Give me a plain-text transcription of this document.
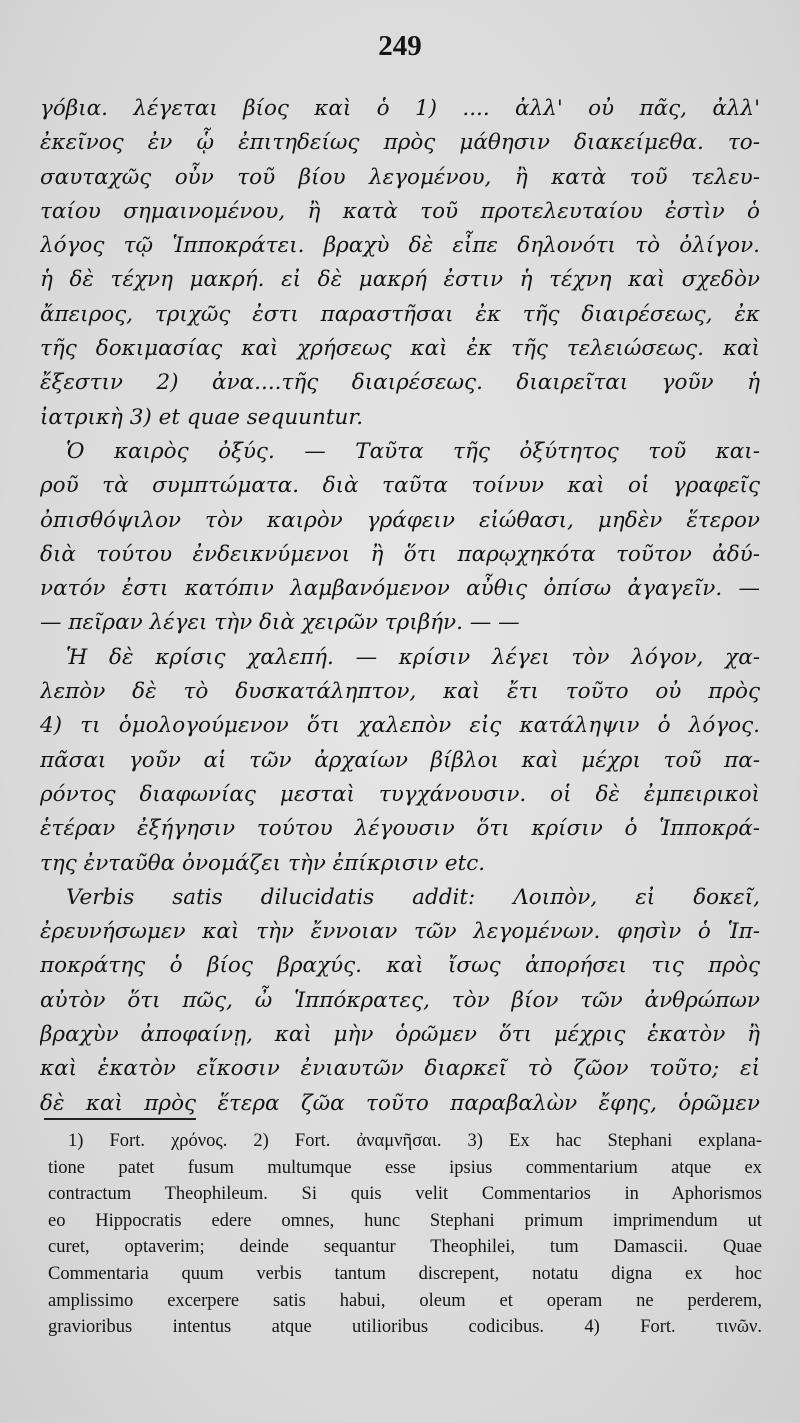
249
γόβια. λέγεται βίος καὶ ὁ 1) .... ἀλλ' οὐ πᾶς, ἀλλ'
ἐκεῖνος ἐν ᾧ ἐπιτηδείως πρὸς μάθησιν διακείμεθα. το-
σαυταχῶς οὖν τοῦ βίου λεγομένου, ἢ κατὰ τοῦ τελευ-
ταίου σημαινομένου, ἢ κατὰ τοῦ προτελευταίου ἐστὶν ὁ
λόγος τῷ Ἱπποκράτει. βραχὺ δὲ εἶπε δηλονότι τὸ ὀλίγον.
ἡ δὲ τέχνη μακρή. εἰ δὲ μακρή ἐστιν ἡ τέχνη καὶ σχεδὸν
ἄπειρος, τριχῶς ἐστι παραστῆσαι ἐκ τῆς διαιρέσεως, ἐκ
τῆς δοκιμασίας καὶ χρήσεως καὶ ἐκ τῆς τελειώσεως. καὶ
ἔξεστιν 2) ἀνα....τῆς διαιρέσεως. διαιρεῖται γοῦν ἡ
ἰατρικὴ 3) et quae sequuntur.
Ὁ καιρὸς ὀξύς. — Ταῦτα τῆς ὀξύτητος τοῦ και-
ροῦ τὰ συμπτώματα. διὰ ταῦτα τοίνυν καὶ οἱ γραφεῖς
ὀπισθόψιλον τὸν καιρὸν γράφειν εἰώθασι, μηδὲν ἕτερον
διὰ τούτου ἐνδεικνύμενοι ἢ ὅτι παρῳχηκότα τοῦτον ἀδύ-
νατόν ἐστι κατόπιν λαμβανόμενον αὖθις ὀπίσω ἀγαγεῖν. —
— πεῖραν λέγει τὴν διὰ χειρῶν τριβήν. — —
Ἡ δὲ κρίσις χαλεπή. — κρίσιν λέγει τὸν λόγον, χα-
λεπὸν δὲ τὸ δυσκατάληπτον, καὶ ἔτι τοῦτο οὐ πρὸς
4) τι ὁμολογούμενον ὅτι χαλεπὸν εἰς κατάληψιν ὁ λόγος.
πᾶσαι γοῦν αἱ τῶν ἀρχαίων βίβλοι καὶ μέχρι τοῦ πα-
ρόντος διαφωνίας μεσταὶ τυγχάνουσιν. οἱ δὲ ἐμπειρικοὶ
ἑτέραν ἐξήγησιν τούτου λέγουσιν ὅτι κρίσιν ὁ Ἱπποκρά-
της ἐνταῦθα ὀνομάζει τὴν ἐπίκρισιν etc.
Verbis satis dilucidatis addit: Λοιπὸν, εἰ δοκεῖ,
ἐρευνήσωμεν καὶ τὴν ἔννοιαν τῶν λεγομένων. φησὶν ὁ Ἱπ-
ποκράτης ὁ βίος βραχύς. καὶ ἴσως ἀπορήσει τις πρὸς
αὐτὸν ὅτι πῶς, ὦ Ἱππόκρατες, τὸν βίον τῶν ἀνθρώπων
βραχὺν ἀποφαίνῃ, καὶ μὴν ὁρῶμεν ὅτι μέχρις ἑκατὸν ἢ
καὶ ἑκατὸν εἴκοσιν ἐνιαυτῶν διαρκεῖ τὸ ζῶον τοῦτο; εἰ
δὲ καὶ πρὸς ἕτερα ζῶα τοῦτο παραβαλὼν ἔφης, ὁρῶμεν
1) Fort. χρόνος. 2) Fort. ἀναμνῆσαι. 3) Ex hac Stephani explana-
tione patet fusum multumque esse ipsius commentarium atque ex
contractum Theophileum. Si quis velit Commentarios in Aphorismos
eo Hippocratis edere omnes, hunc Stephani primum imprimendum ut
curet, optaverim; deinde sequantur Theophilei, tum Damascii. Quae
Commentaria quum verbis tantum discrepent, notatu digna ex hoc
amplissimo excerpere satis habui, oleum et operam ne perderem,
gravioribus intentus atque utilioribus codicibus. 4) Fort. τινῶν.
